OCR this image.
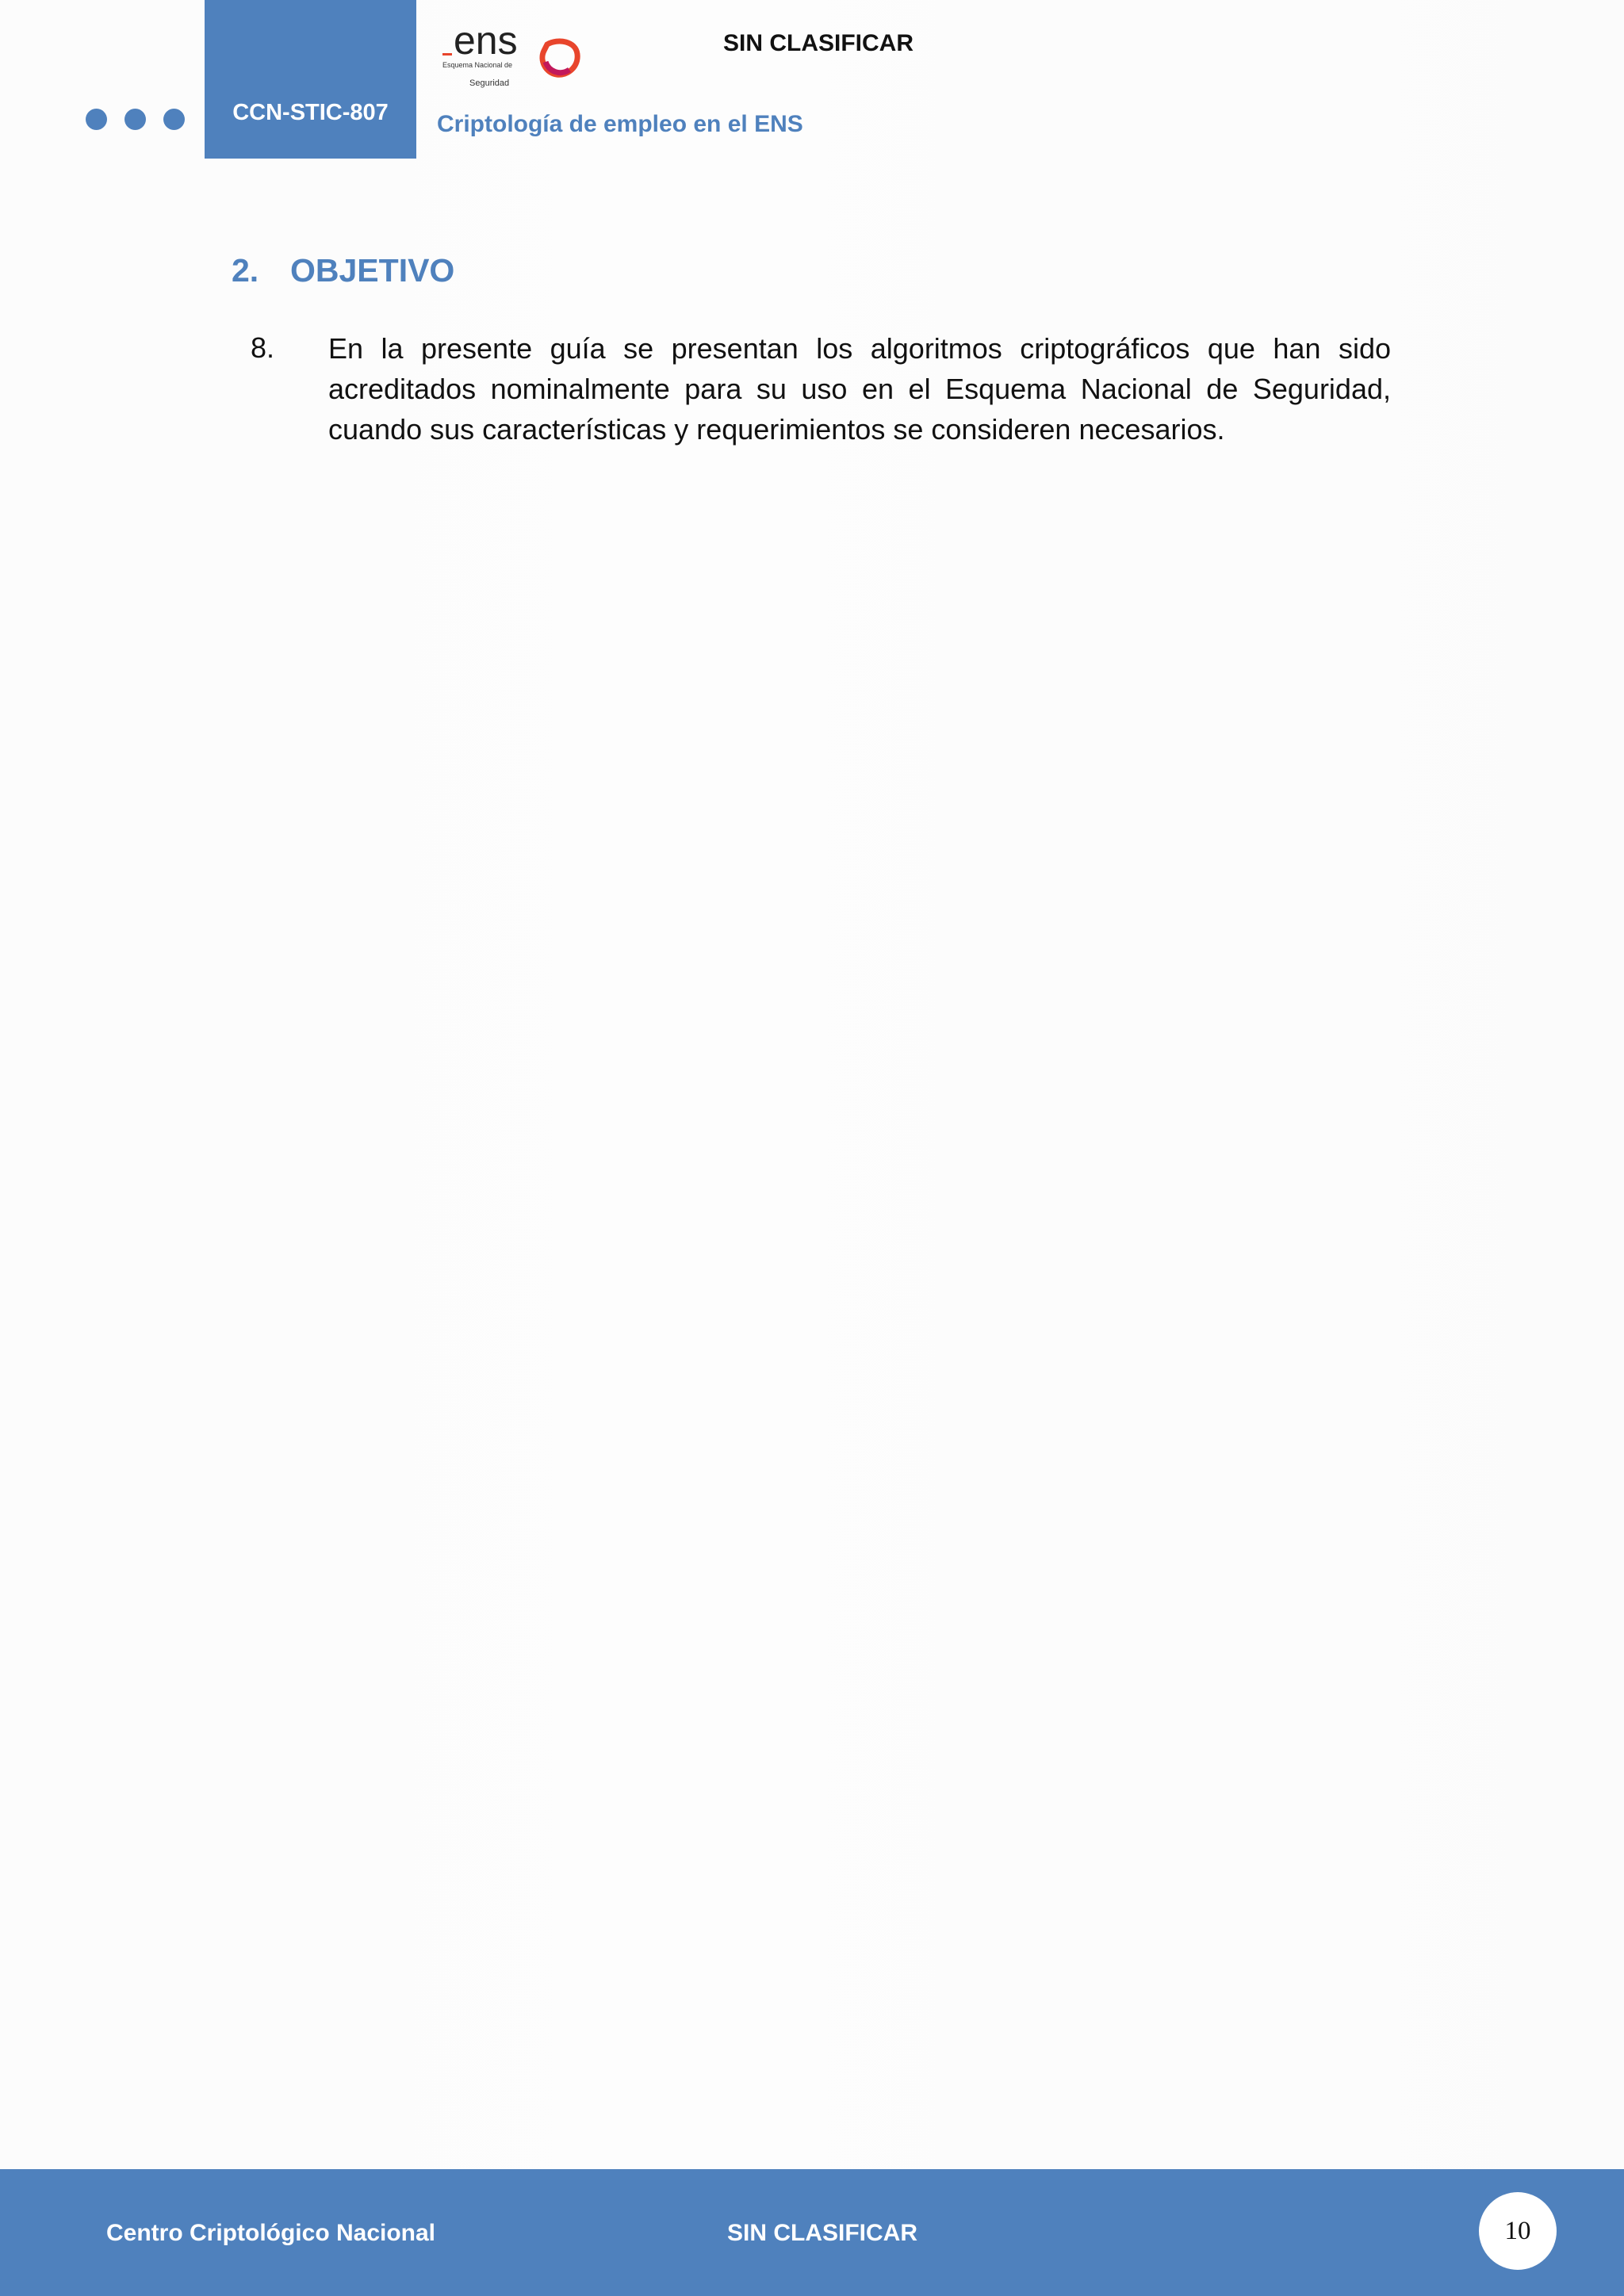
CCN-STIC-807
ens
Esquema Nacional de
Seguridad
SIN CLASIFICAR
Criptología de empleo en el ENS
2. OBJETIVO
8. En la presente guía se presentan los algoritmos criptográficos que han sido acreditados nominalmente para su uso en el Esquema Nacional de Seguridad, cuando sus características y requerimientos se consideren necesarios.
Centro Criptológico Nacional	SIN CLASIFICAR	10
